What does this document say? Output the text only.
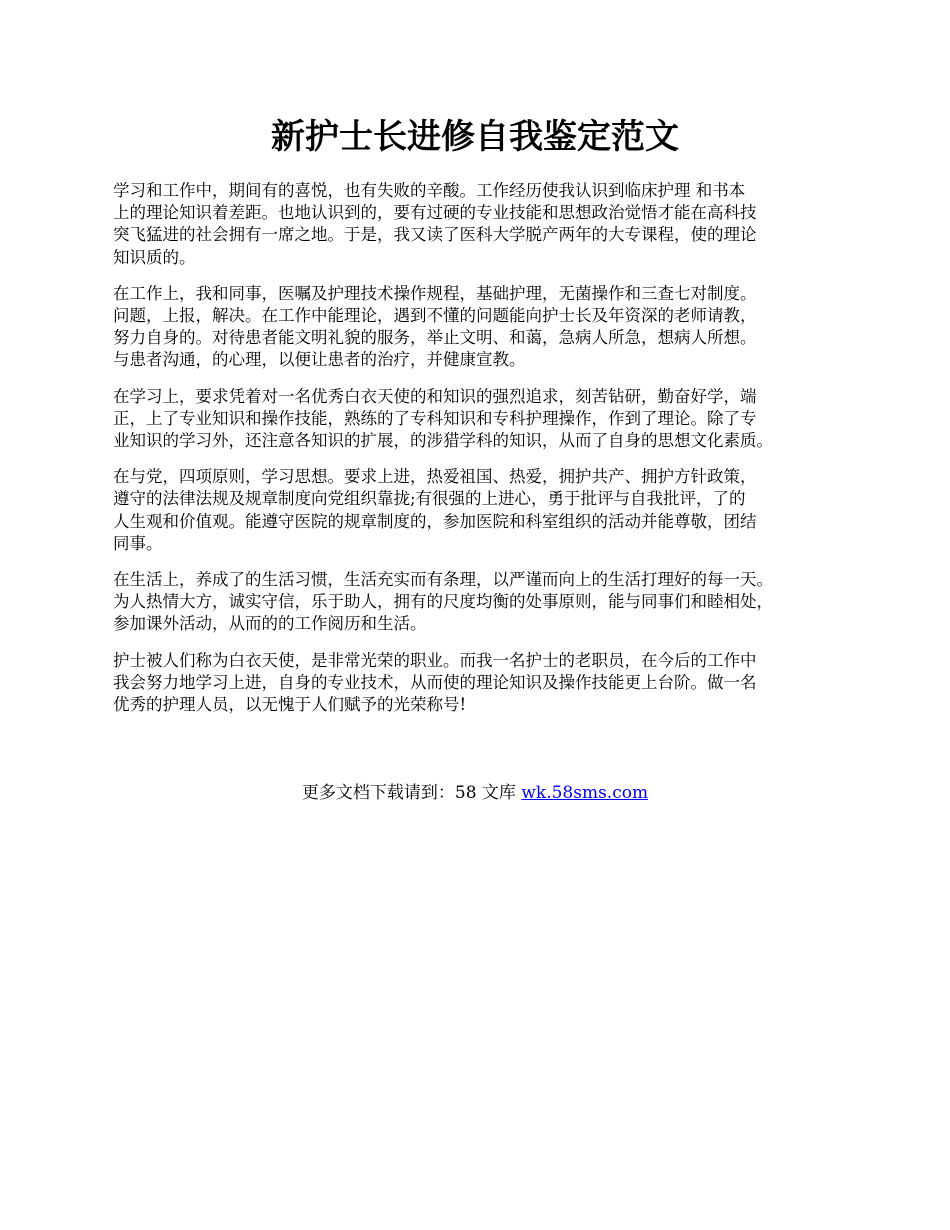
新护士长进修自我鉴定范文

学习和工作中，期间有的喜悦，也有失败的辛酸。工作经历使我认识到临床护理 和书本
上的理论知识着差距。也地认识到的，要有过硬的专业技能和思想政治觉悟才能在高科技
突飞猛进的社会拥有一席之地。于是，我又读了医科大学脱产两年的大专课程，使的理论
知识质的。

在工作上，我和同事，医嘱及护理技术操作规程，基础护理，无菌操作和三查七对制度。
问题，上报，解决。在工作中能理论，遇到不懂的问题能向护士长及年资深的老师请教，
努力自身的。对待患者能文明礼貌的服务，举止文明、和蔼，急病人所急，想病人所想。
与患者沟通，的心理，以便让患者的治疗，并健康宣教。

在学习上，要求凭着对一名优秀白衣天使的和知识的强烈追求，刻苦钻研，勤奋好学，端
正，上了专业知识和操作技能，熟练的了专科知识和专科护理操作，作到了理论。除了专
业知识的学习外，还注意各知识的扩展，的涉猎学科的知识，从而了自身的思想文化素质。

在与党，四项原则，学习思想。要求上进，热爱祖国、热爱，拥护共产、拥护方针政策，
遵守的法律法规及规章制度向党组织靠拢;有很强的上进心，勇于批评与自我批评，了的
人生观和价值观。能遵守医院的规章制度的，参加医院和科室组织的活动并能尊敬，团结
同事。

在生活上，养成了的生活习惯，生活充实而有条理，以严谨而向上的生活打理好的每一天。
为人热情大方，诚实守信，乐于助人，拥有的尺度均衡的处事原则，能与同事们和睦相处，
参加课外活动，从而的的工作阅历和生活。

护士被人们称为白衣天使，是非常光荣的职业。而我一名护士的老职员，在今后的工作中
我会努力地学习上进，自身的专业技术，从而使的理论知识及操作技能更上台阶。做一名
优秀的护理人员，以无愧于人们赋予的光荣称号!

更多文档下载请到：58 文库 wk.58sms.com
